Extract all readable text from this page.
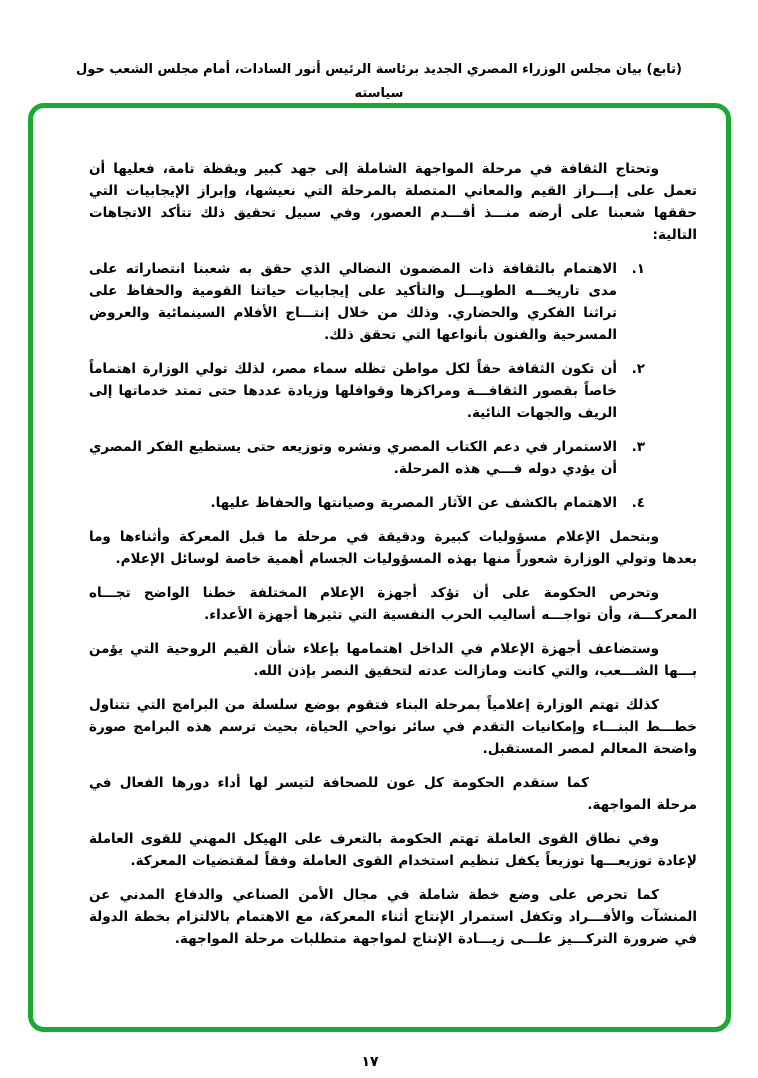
(تابع) بيان مجلس الوزراء المصري الجديد برئاسة الرئيس أنور السادات، أمام مجلس الشعب حول سياسته

وتحتاج الثقافة في مرحلة المواجهة الشاملة إلى جهد كبير ويقظة تامة، فعليها أن تعمل على إبـــراز القيم والمعاني المتصلة بالمرحلة التي نعيشها، وإبراز الإيجابيات التي حققها شعبنا على أرضه منـــذ أقـــدم العصور، وفي سبيل تحقيق ذلك تتأكد الاتجاهات التالية:

١.
الاهتمام بالثقافة ذات المضمون النضالي الذي حقق به شعبنا انتصاراته على مدى تاريخـــه الطويـــل والتأكيد على إيجابيات حياتنا القومية والحفاظ على تراثنا الفكري والحضاري. وذلك من خلال إنتـــاج الأفلام السينمائية والعروض المسرحية والفنون بأنواعها التي تحقق ذلك.
٢.
أن تكون الثقافة حقاً لكل مواطن تظله سماء مصر، لذلك تولي الوزارة اهتماماً خاصاً بقصور الثقافـــة ومراكزها وقوافلها وزيادة عددها حتى تمتد خدماتها إلى الريف والجهات النائية.
٣.
الاستمرار في دعم الكتاب المصري ونشره وتوزيعه حتى يستطيع الفكر المصري أن يؤدي دوله فـــي هذه المرحلة.
٤.
الاهتمام بالكشف عن الآثار المصرية وصيانتها والحفاظ عليها.

وبتحمل الإعلام مسؤوليات كبيرة ودقيقة في مرحلة ما قبل المعركة وأثناءها وما بعدها وتولي الوزارة شعوراً منها بهذه المسؤوليات الجسام أهمية خاصة لوسائل الإعلام.

وتحرص الحكومة على أن تؤكد أجهزة الإعلام المختلفة خطنا الواضح تجـــاه المعركـــة، وأن تواجـــه أساليب الحرب النفسية التي تثيرها أجهزة الأعداء.

وستضاعف أجهزة الإعلام في الداخل اهتمامها بإعلاء شأن القيم الروحية التي يؤمن بـــها الشـــعب، والتي كانت ومازالت عدته لتحقيق النصر بإذن الله.

كذلك تهتم الوزارة إعلامياً بمرحلة البناء فتقوم بوضع سلسلة من البرامج التي تتناول خطـــط البنـــاء وإمكانيات التقدم في سائر نواحي الحياة، بحيث ترسم هذه البرامج صورة واضحة المعالم لمصر المستقبل.

كما ستقدم الحكومة كل عون للصحافة لتيسر لها أداء دورها الفعال في مرحلة المواجهة.

وفي نطاق القوى العاملة تهتم الحكومة بالتعرف على الهيكل المهني للقوى العاملة لإعادة توزيعـــها توزيعاً يكفل تنظيم استخدام القوى العاملة وفقاً لمقتضيات المعركة.

كما تحرص على وضع خطة شاملة في مجال الأمن الصناعي والدفاع المدني عن المنشآت والأفـــراد وتكفل استمرار الإنتاج أثناء المعركة، مع الاهتمام بالالتزام بخطة الدولة في ضرورة التركـــيز علـــى زيـــادة الإنتاج لمواجهة متطلبات مرحلة المواجهة.

١٧
